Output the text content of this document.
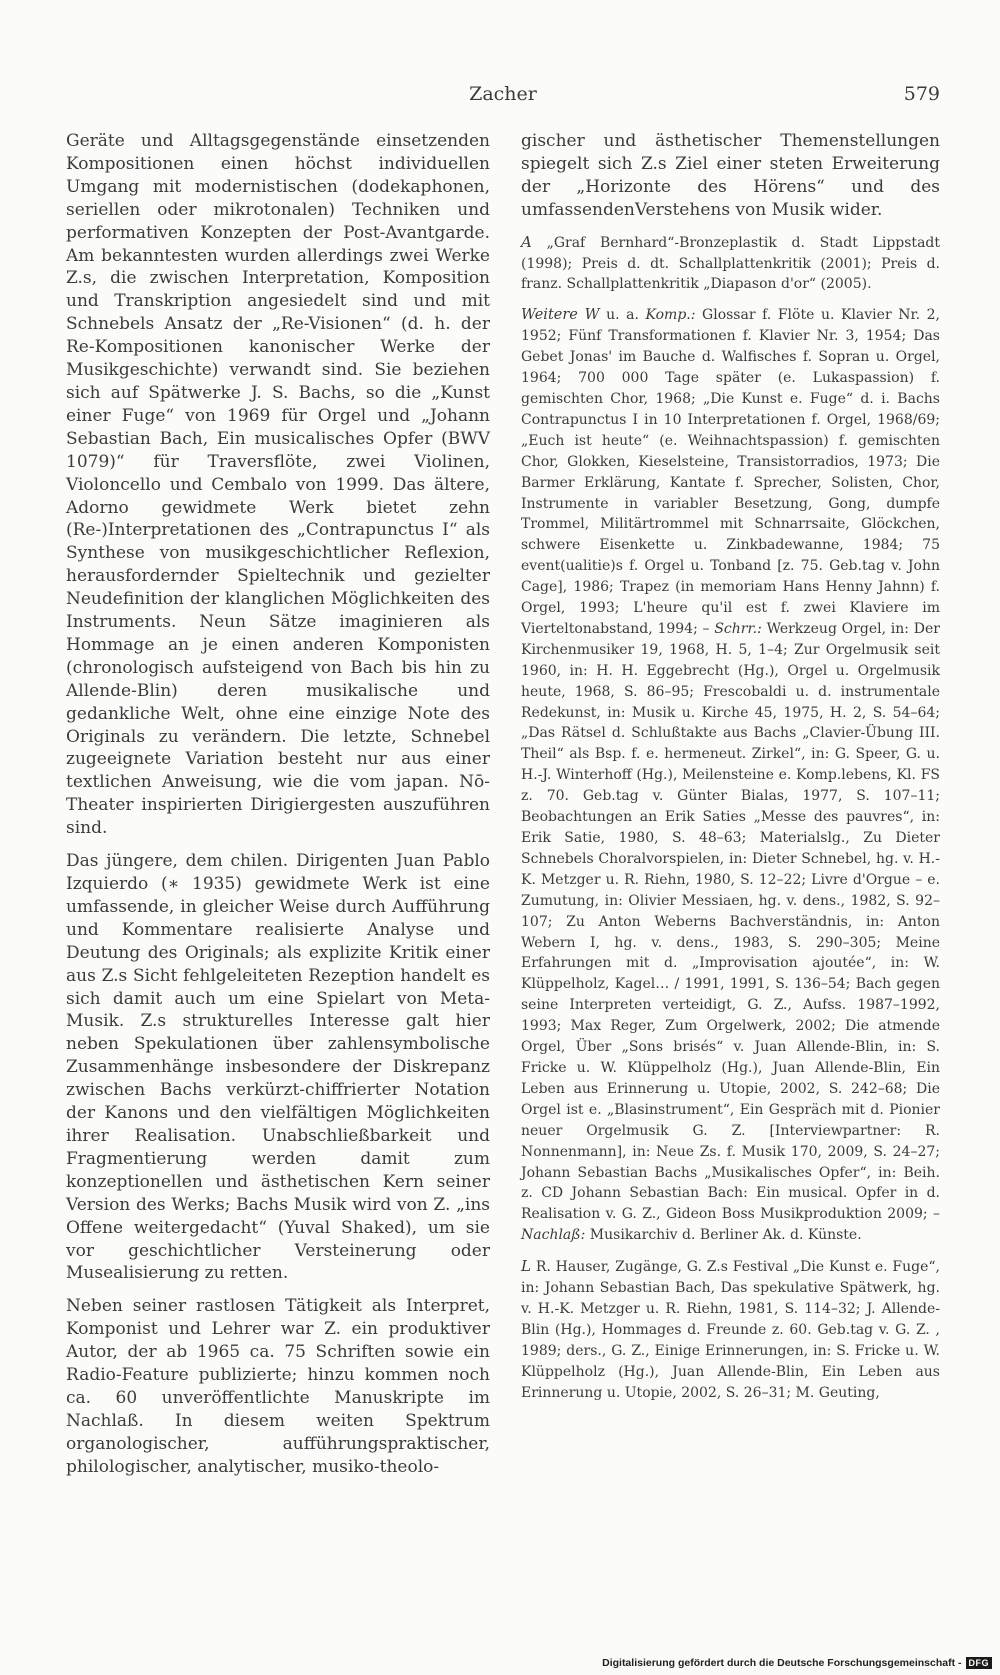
Zacher	579

Geräte und Alltagsgegenstände einsetzenden Kompositionen einen höchst individuellen Umgang mit modernistischen (dodekaphonen, seriellen oder mikrotonalen) Techniken und performativen Konzepten der Post-Avantgarde. Am bekanntesten wurden allerdings zwei Werke Z.s, die zwischen Interpretation, Komposition und Transkription angesiedelt sind und mit Schnebels Ansatz der „Re-Visionen“ (d. h. der Re-Kompositionen kanonischer Werke der Musikgeschichte) verwandt sind. Sie beziehen sich auf Spätwerke J. S. Bachs, so die „Kunst einer Fuge“ von 1969 für Orgel und „Johann Sebastian Bach, Ein musicalisches Opfer (BWV 1079)“ für Traversflöte, zwei Violinen, Violoncello und Cembalo von 1999. Das ältere, Adorno gewidmete Werk bietet zehn (Re-)Interpretationen des „Contrapunctus I“ als Synthese von musikgeschichtlicher Reflexion, herausfordernder Spieltechnik und gezielter Neudefinition der klanglichen Möglichkeiten des Instruments. Neun Sätze imaginieren als Hommage an je einen anderen Komponisten (chronologisch aufsteigend von Bach bis hin zu Allende-Blin) deren musikalische und gedankliche Welt, ohne eine einzige Note des Originals zu verändern. Die letzte, Schnebel zugeeignete Variation besteht nur aus einer textlichen Anweisung, wie die vom japan. Nō-Theater inspirierten Dirigiergesten auszuführen sind.

Das jüngere, dem chilen. Dirigenten Juan Pablo Izquierdo (∗ 1935) gewidmete Werk ist eine umfassende, in gleicher Weise durch Aufführung und Kommentare realisierte Analyse und Deutung des Originals; als explizite Kritik einer aus Z.s Sicht fehlgeleiteten Rezeption handelt es sich damit auch um eine Spielart von Meta-Musik. Z.s strukturelles Interesse galt hier neben Spekulationen über zahlensymbolische Zusammenhänge insbesondere der Diskrepanz zwischen Bachs verkürzt-chiffrierter Notation der Kanons und den vielfältigen Möglichkeiten ihrer Realisation. Unabschließbarkeit und Fragmentierung werden damit zum konzeptionellen und ästhetischen Kern seiner Version des Werks; Bachs Musik wird von Z. „ins Offene weitergedacht“ (Yuval Shaked), um sie vor geschichtlicher Versteinerung oder Musealisierung zu retten.

Neben seiner rastlosen Tätigkeit als Interpret, Komponist und Lehrer war Z. ein produktiver Autor, der ab 1965 ca. 75 Schriften sowie ein Radio-Feature publizierte; hinzu kommen noch ca. 60 unveröffentlichte Manuskripte im Nachlaß. In diesem weiten Spektrum organologischer, aufführungspraktischer, philologischer, analytischer, musiko-theolo-

gischer und ästhetischer Themenstellungen spiegelt sich Z.s Ziel einer steten Erweiterung der „Horizonte des Hörens“ und des umfassendenVerstehens von Musik wider.

A „Graf Bernhard“-Bronzeplastik d. Stadt Lippstadt (1998); Preis d. dt. Schallplattenkritik (2001); Preis d. franz. Schallplattenkritik „Diapason d'or“ (2005).

Weitere W u. a. Komp.: Glossar f. Flöte u. Klavier Nr. 2, 1952; Fünf Transformationen f. Klavier Nr. 3, 1954; Das Gebet Jonas' im Bauche d. Walfisches f. Sopran u. Orgel, 1964; 700 000 Tage später (e. Lukaspassion) f. gemischten Chor, 1968; „Die Kunst e. Fuge“ d. i. Bachs Contrapunctus I in 10 Interpretationen f. Orgel, 1968/69; „Euch ist heute“ (e. Weihnachtspassion) f. gemischten Chor, Glokken, Kieselsteine, Transistorradios, 1973; Die Barmer Erklärung, Kantate f. Sprecher, Solisten, Chor, Instrumente in variabler Besetzung, Gong, dumpfe Trommel, Militärtrommel mit Schnarrsaite, Glöckchen, schwere Eisenkette u. Zinkbadewanne, 1984; 75 event(ualitie)s f. Orgel u. Tonband [z. 75. Geb.tag v. John Cage], 1986; Trapez (in memoriam Hans Henny Jahnn) f. Orgel, 1993; L'heure qu'il est f. zwei Klaviere im Vierteltonabstand, 1994; – Schrr.: Werkzeug Orgel, in: Der Kirchenmusiker 19, 1968, H. 5, 1–4; Zur Orgelmusik seit 1960, in: H. H. Eggebrecht (Hg.), Orgel u. Orgelmusik heute, 1968, S. 86–95; Frescobaldi u. d. instrumentale Redekunst, in: Musik u. Kirche 45, 1975, H. 2, S. 54–64; „Das Rätsel d. Schlußtakte aus Bachs „Clavier-Übung III. Theil“ als Bsp. f. e. hermeneut. Zirkel“, in: G. Speer, G. u. H.-J. Winterhoff (Hg.), Meilensteine e. Komp.lebens, Kl. FS z. 70. Geb.tag v. Günter Bialas, 1977, S. 107–11; Beobachtungen an Erik Saties „Messe des pauvres“, in: Erik Satie, 1980, S. 48–63; Materialslg., Zu Dieter Schnebels Choralvorspielen, in: Dieter Schnebel, hg. v. H.-K. Metzger u. R. Riehn, 1980, S. 12–22; Livre d'Orgue – e. Zumutung, in: Olivier Messiaen, hg. v. dens., 1982, S. 92–107; Zu Anton Weberns Bachverständnis, in: Anton Webern I, hg. v. dens., 1983, S. 290–305; Meine Erfahrungen mit d. „Improvisation ajoutée“, in: W. Klüppelholz, Kagel… / 1991, 1991, S. 136–54; Bach gegen seine Interpreten verteidigt, G. Z., Aufss. 1987–1992, 1993; Max Reger, Zum Orgelwerk, 2002; Die atmende Orgel, Über „Sons brisés“ v. Juan Allende-Blin, in: S. Fricke u. W. Klüppelholz (Hg.), Juan Allende-Blin, Ein Leben aus Erinnerung u. Utopie, 2002, S. 242–68; Die Orgel ist e. „Blasinstrument“, Ein Gespräch mit d. Pionier neuer Orgelmusik G. Z. [Interviewpartner: R. Nonnenmann], in: Neue Zs. f. Musik 170, 2009, S. 24–27; Johann Sebastian Bachs „Musikalisches Opfer“, in: Beih. z. CD Johann Sebastian Bach: Ein musical. Opfer in d. Realisation v. G. Z., Gideon Boss Musikproduktion 2009; – Nachlaß: Musikarchiv d. Berliner Ak. d. Künste.

L R. Hauser, Zugänge, G. Z.s Festival „Die Kunst e. Fuge“, in: Johann Sebastian Bach, Das spekulative Spätwerk, hg. v. H.-K. Metzger u. R. Riehn, 1981, S. 114–32; J. Allende-Blin (Hg.), Hommages d. Freunde z. 60. Geb.tag v. G. Z. , 1989; ders., G. Z., Einige Erinnerungen, in: S. Fricke u. W. Klüppelholz (Hg.), Juan Allende-Blin, Ein Leben aus Erinnerung u. Utopie, 2002, S. 26–31; M. Geuting,

Digitalisierung gefördert durch die Deutsche Forschungsgemeinschaft - DFG
